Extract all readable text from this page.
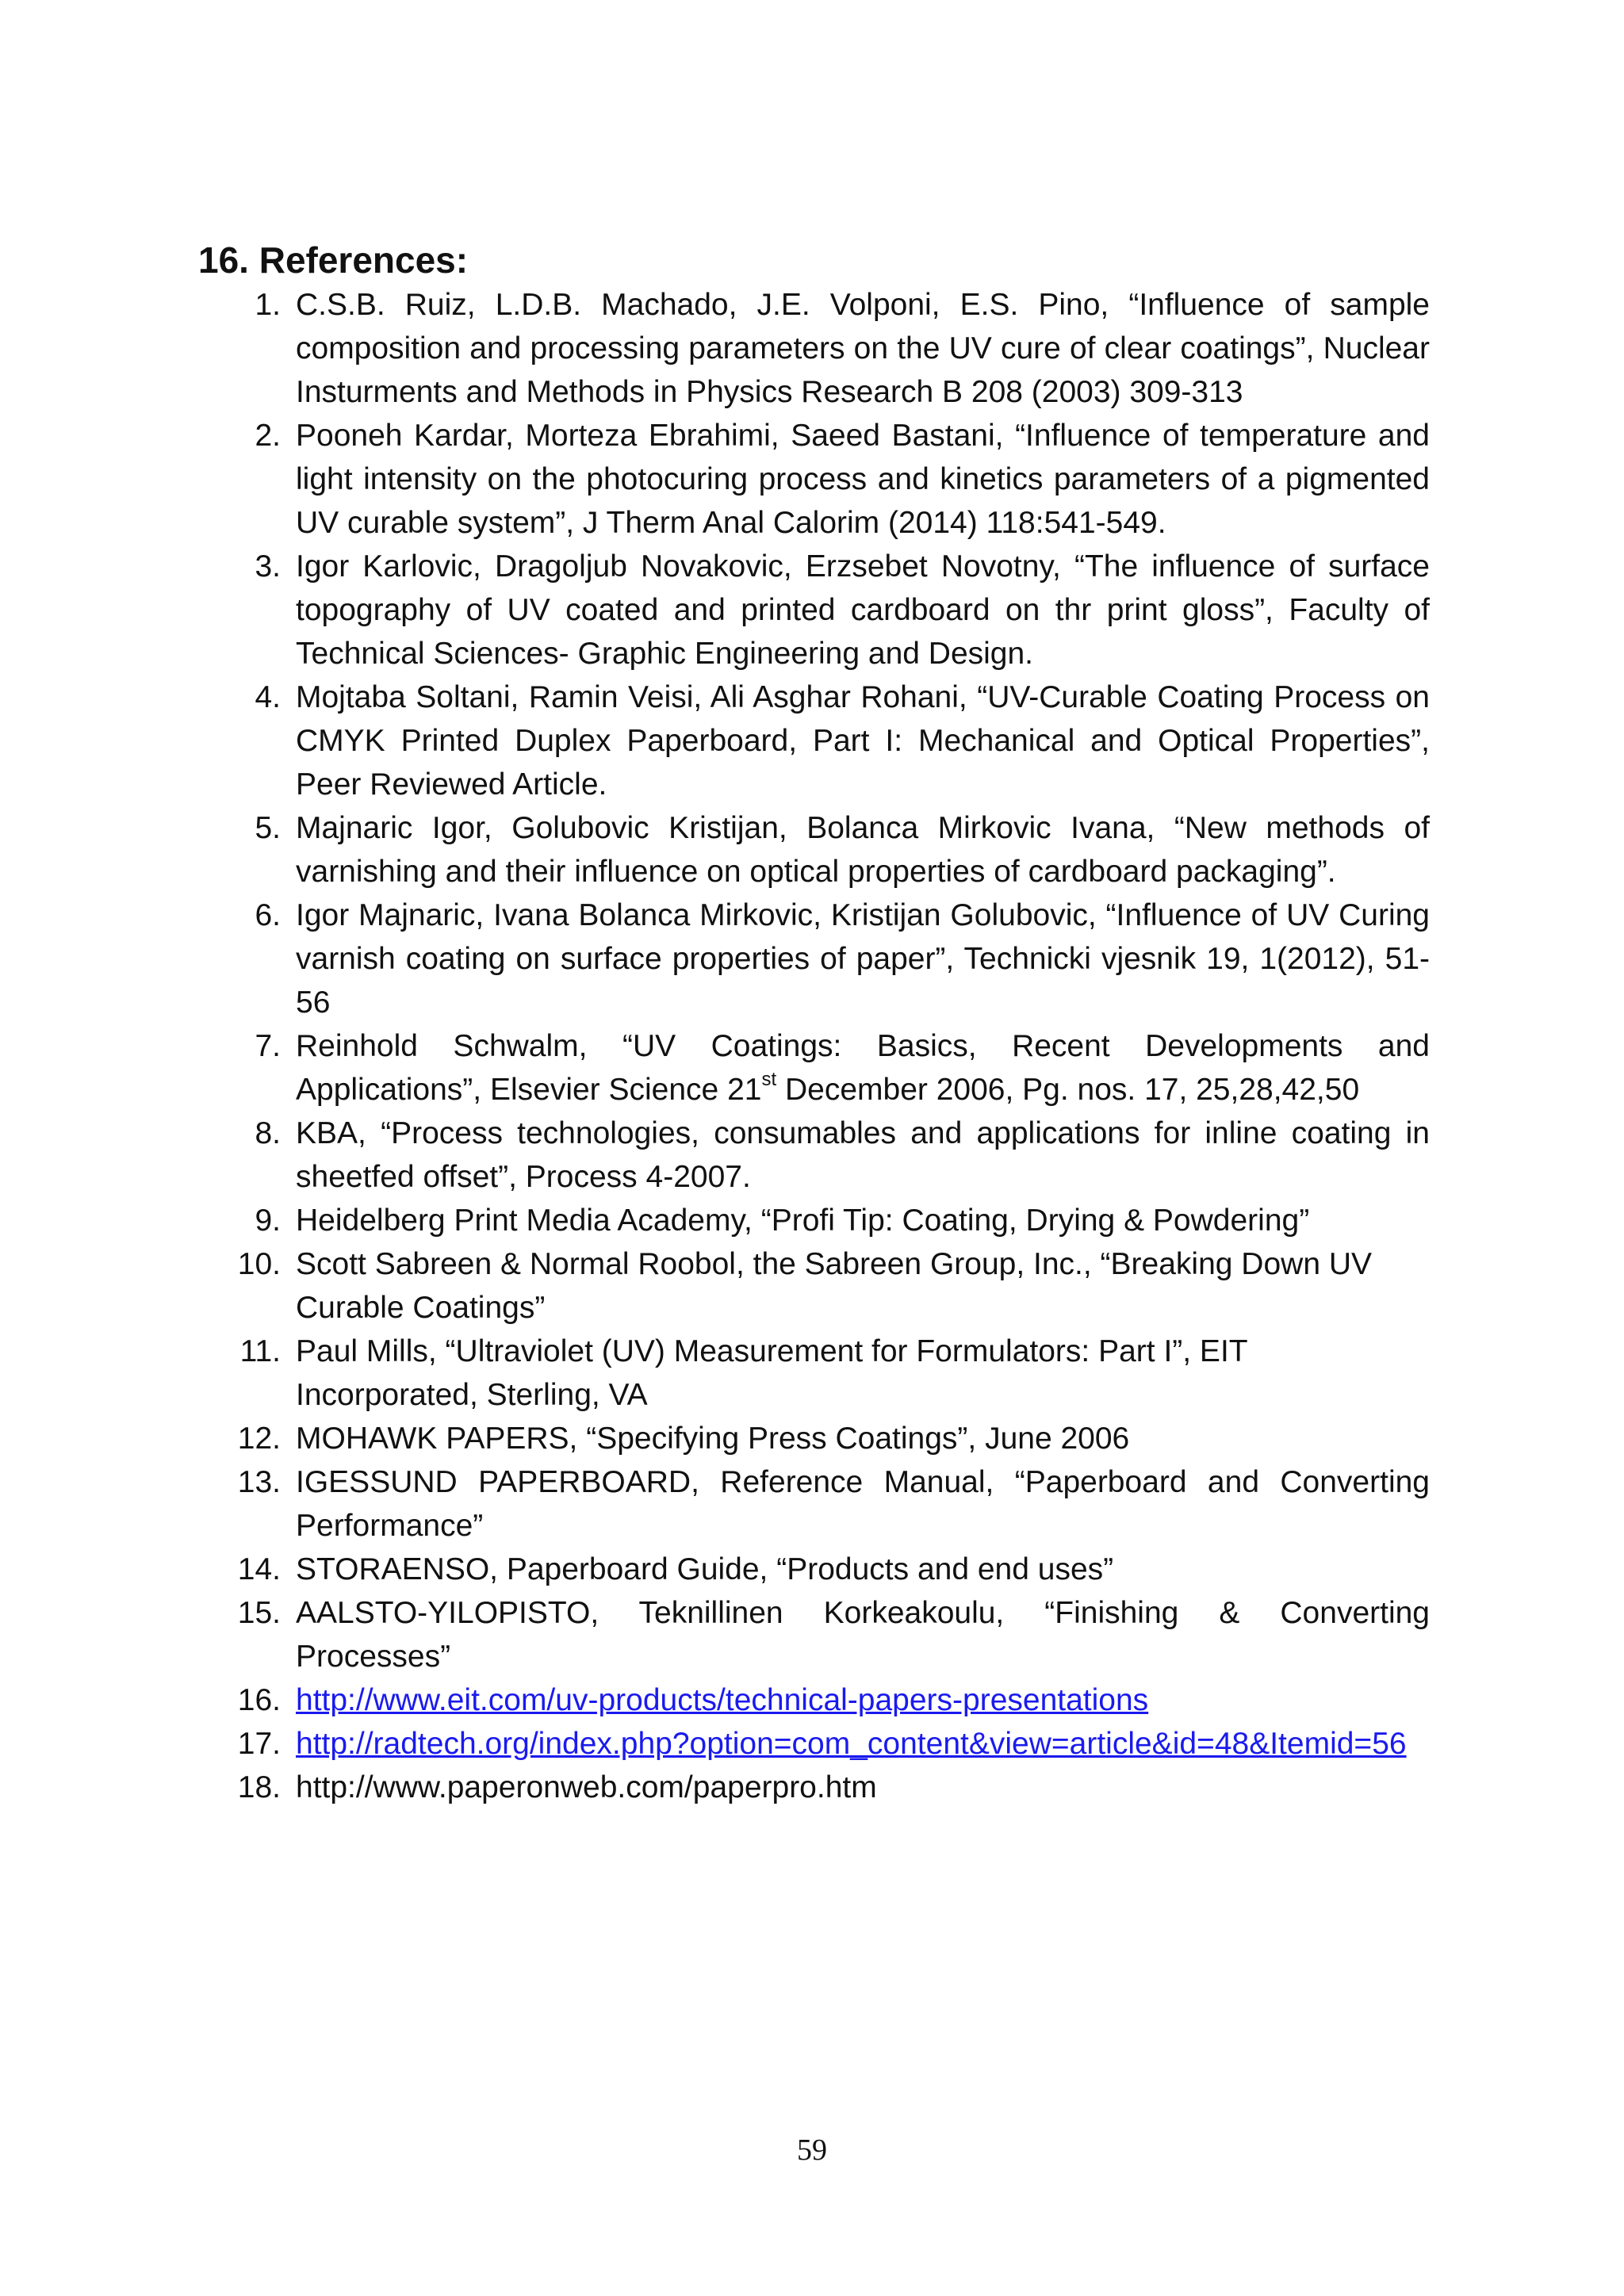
16. References:
1. C.S.B. Ruiz, L.D.B. Machado, J.E. Volponi, E.S. Pino, “Influence of sample composition and processing parameters on the UV cure of clear coatings”, Nuclear Insturments and Methods in Physics Research B 208 (2003) 309-313
2. Pooneh Kardar, Morteza Ebrahimi, Saeed Bastani, “Influence of temperature and light intensity on the photocuring process and kinetics parameters of a pigmented UV curable system”, J Therm Anal Calorim (2014) 118:541-549.
3. Igor Karlovic, Dragoljub Novakovic, Erzsebet Novotny, “The influence of surface topography of UV coated and printed cardboard on thr print gloss”, Faculty of Technical Sciences- Graphic Engineering and Design.
4. Mojtaba Soltani, Ramin Veisi, Ali Asghar Rohani, “UV-Curable Coating Process on CMYK Printed Duplex Paperboard, Part I: Mechanical and Optical Properties”, Peer Reviewed Article.
5. Majnaric Igor, Golubovic Kristijan, Bolanca Mirkovic Ivana, “New methods of varnishing and their influence on optical properties of cardboard packaging”.
6. Igor Majnaric, Ivana Bolanca Mirkovic, Kristijan Golubovic, “Influence of UV Curing varnish coating on surface properties of paper”, Technicki vjesnik 19, 1(2012), 51-56
7. Reinhold Schwalm, “UV Coatings: Basics, Recent Developments and Applications”, Elsevier Science 21st December 2006, Pg. nos. 17, 25,28,42,50
8. KBA, “Process technologies, consumables and applications for inline coating in sheetfed offset”, Process 4-2007.
9. Heidelberg Print Media Academy, “Profi Tip: Coating, Drying & Powdering”
10. Scott Sabreen & Normal Roobol, the Sabreen Group, Inc., “Breaking Down UV Curable Coatings”
11. Paul Mills, “Ultraviolet (UV) Measurement for Formulators: Part I”, EIT Incorporated, Sterling, VA
12. MOHAWK PAPERS, “Specifying Press Coatings”, June 2006
13. IGESSUND PAPERBOARD, Reference Manual, “Paperboard and Converting Performance”
14. STORAENSO, Paperboard Guide, “Products and end uses”
15. AALSTO-YILOPISTO, Teknillinen Korkeakoulu, “Finishing & Converting Processes”
16. http://www.eit.com/uv-products/technical-papers-presentations
17. http://radtech.org/index.php?option=com_content&view=article&id=48&Itemid=56
18. http://www.paperonweb.com/paperpro.htm
59
